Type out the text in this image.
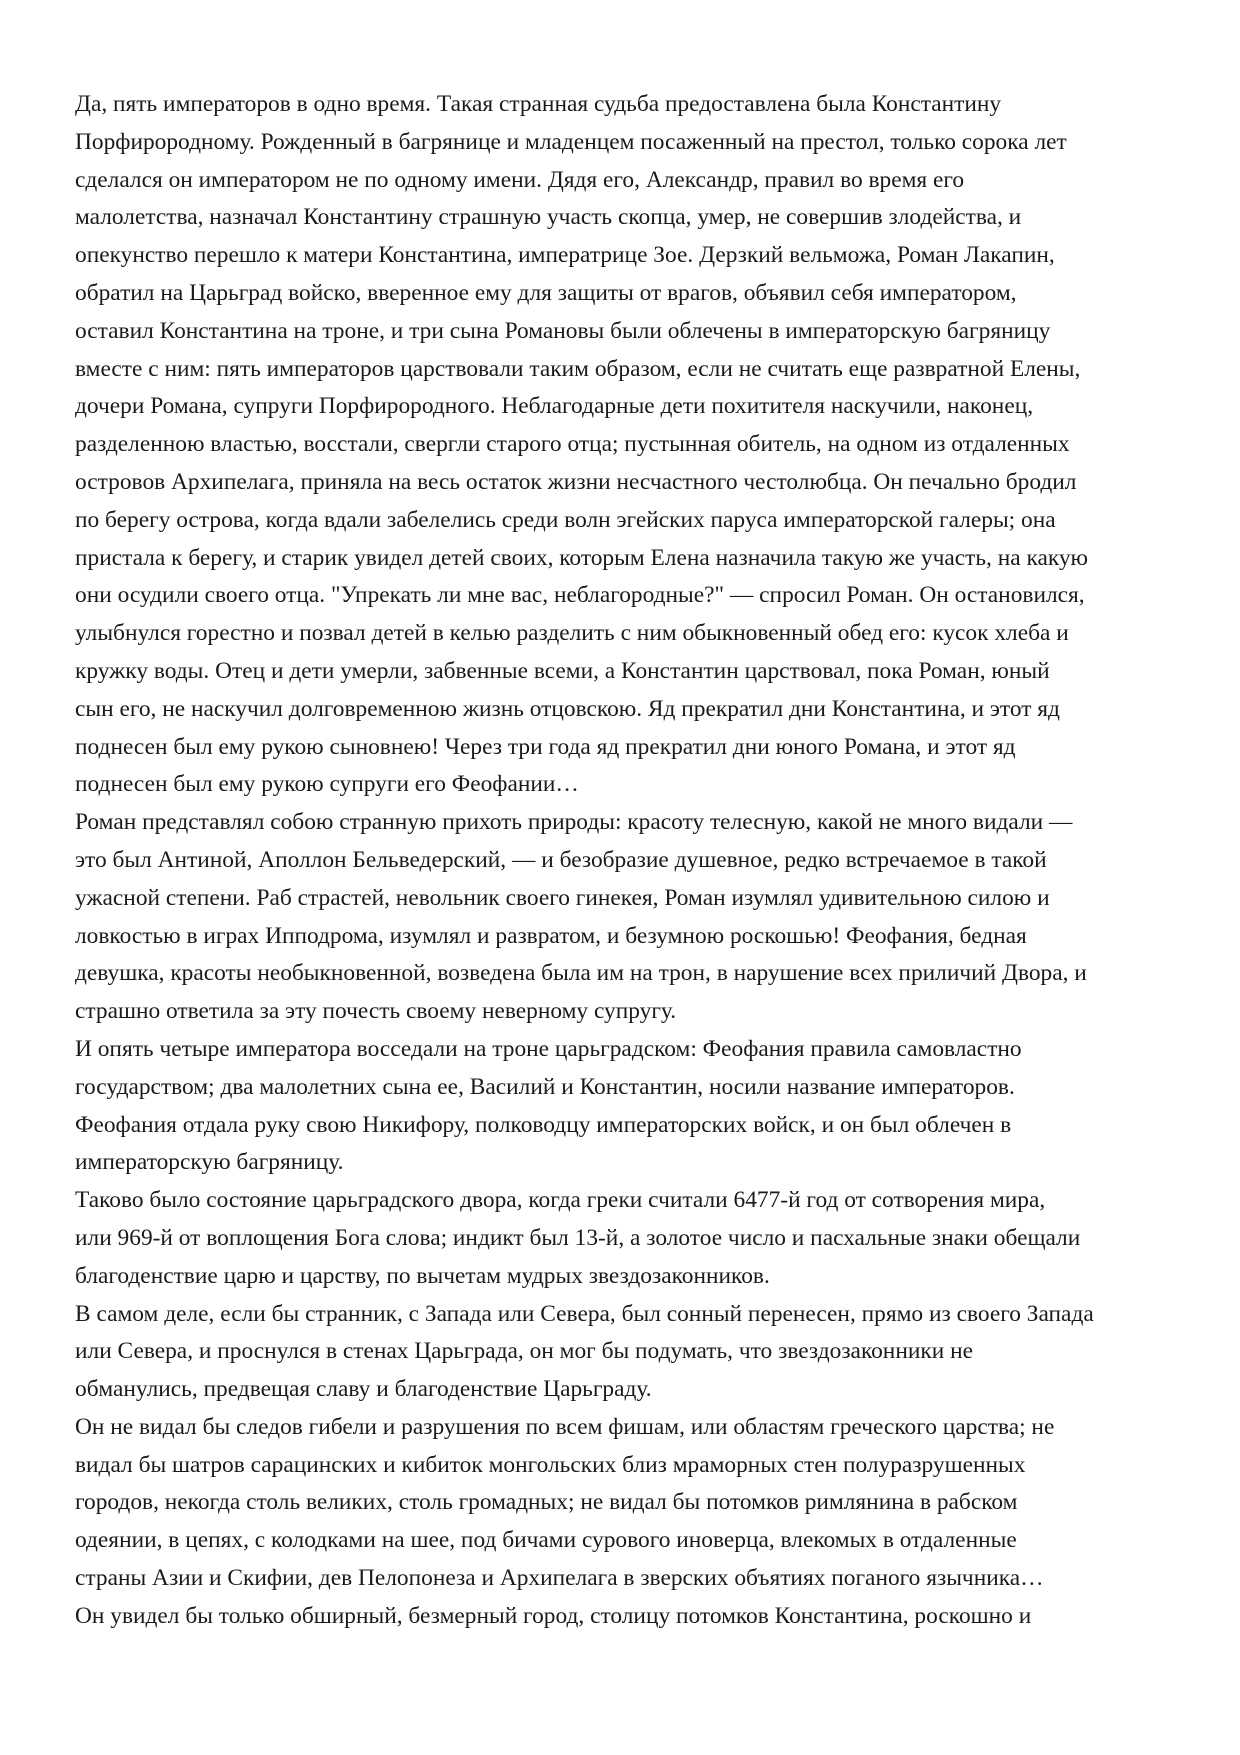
Да, пять императоров в одно время. Такая странная судьба предоставлена была Константину
Порфирородному. Рожденный в багрянице и младенцем посаженный на престол, только сорока лет
сделался он императором не по одному имени. Дядя его, Александр, правил во время его
малолетства, назначал Константину страшную участь скопца, умер, не совершив злодейства, и
опекунство перешло к матери Константина, императрице Зое. Дерзкий вельможа, Роман Лакапин,
обратил на Царьград войско, вверенное ему для защиты от врагов, объявил себя императором,
оставил Константина на троне, и три сына Романовы были облечены в императорскую багряницу
вместе с ним: пять императоров царствовали таким образом, если не считать еще развратной Елены,
дочери Романа, супруги Порфирородного. Неблагодарные дети похитителя наскучили, наконец,
разделенною властью, восстали, свергли старого отца; пустынная обитель, на одном из отдаленных
островов Архипелага, приняла на весь остаток жизни несчастного честолюбца. Он печально бродил
по берегу острова, когда вдали забелелись среди волн эгейских паруса императорской галеры; она
пристала к берегу, и старик увидел детей своих, которым Елена назначила такую же участь, на какую
они осудили своего отца. "Упрекать ли мне вас, неблагородные?" — спросил Роман. Он остановился,
улыбнулся горестно и позвал детей в келью разделить с ним обыкновенный обед его: кусок хлеба и
кружку воды. Отец и дети умерли, забвенные всеми, а Константин царствовал, пока Роман, юный
сын его, не наскучил долговременною жизнь отцовскою. Яд прекратил дни Константина, и этот яд
поднесен был ему рукою сыновнею! Через три года яд прекратил дни юного Романа, и этот яд
поднесен был ему рукою супруги его Феофании…

Роман представлял собою странную прихоть природы: красоту телесную, какой не много видали —
это был Антиной, Аполлон Бельведерский, — и безобразие душевное, редко встречаемое в такой
ужасной степени. Раб страстей, невольник своего гинекея, Роман изумлял удивительною силою и
ловкостью в играх Ипподрома, изумлял и развратом, и безумною роскошью! Феофания, бедная
девушка, красоты необыкновенной, возведена была им на трон, в нарушение всех приличий Двора, и
страшно ответила за эту почесть своему неверному супругу.

И опять четыре императора восседали на троне царьградском: Феофания правила самовластно
государством; два малолетних сына ее, Василий и Константин, носили название императоров.
Феофания отдала руку свою Никифору, полководцу императорских войск, и он был облечен в
императорскую багряницу.

Таково было состояние царьградского двора, когда греки считали 6477-й год от сотворения мира,
или 969-й от воплощения Бога слова; индикт был 13-й, а золотое число и пасхальные знаки обещали
благоденствие царю и царству, по вычетам мудрых звездозаконников.

В самом деле, если бы странник, с Запада или Севера, был сонный перенесен, прямо из своего Запада
или Севера, и проснулся в стенах Царьграда, он мог бы подумать, что звездозаконники не
обманулись, предвещая славу и благоденствие Царьграду.

Он не видал бы следов гибели и разрушения по всем фишам, или областям греческого царства; не
видал бы шатров сарацинских и кибиток монгольских близ мраморных стен полуразрушенных
городов, некогда столь великих, столь громадных; не видал бы потомков римлянина в рабском
одеянии, в цепях, с колодками на шее, под бичами сурового иноверца, влекомых в отдаленные
страны Азии и Скифии, дев Пелопонеза и Архипелага в зверских объятиях поганого язычника…

Он увидел бы только обширный, безмерный город, столицу потомков Константина, роскошно и
